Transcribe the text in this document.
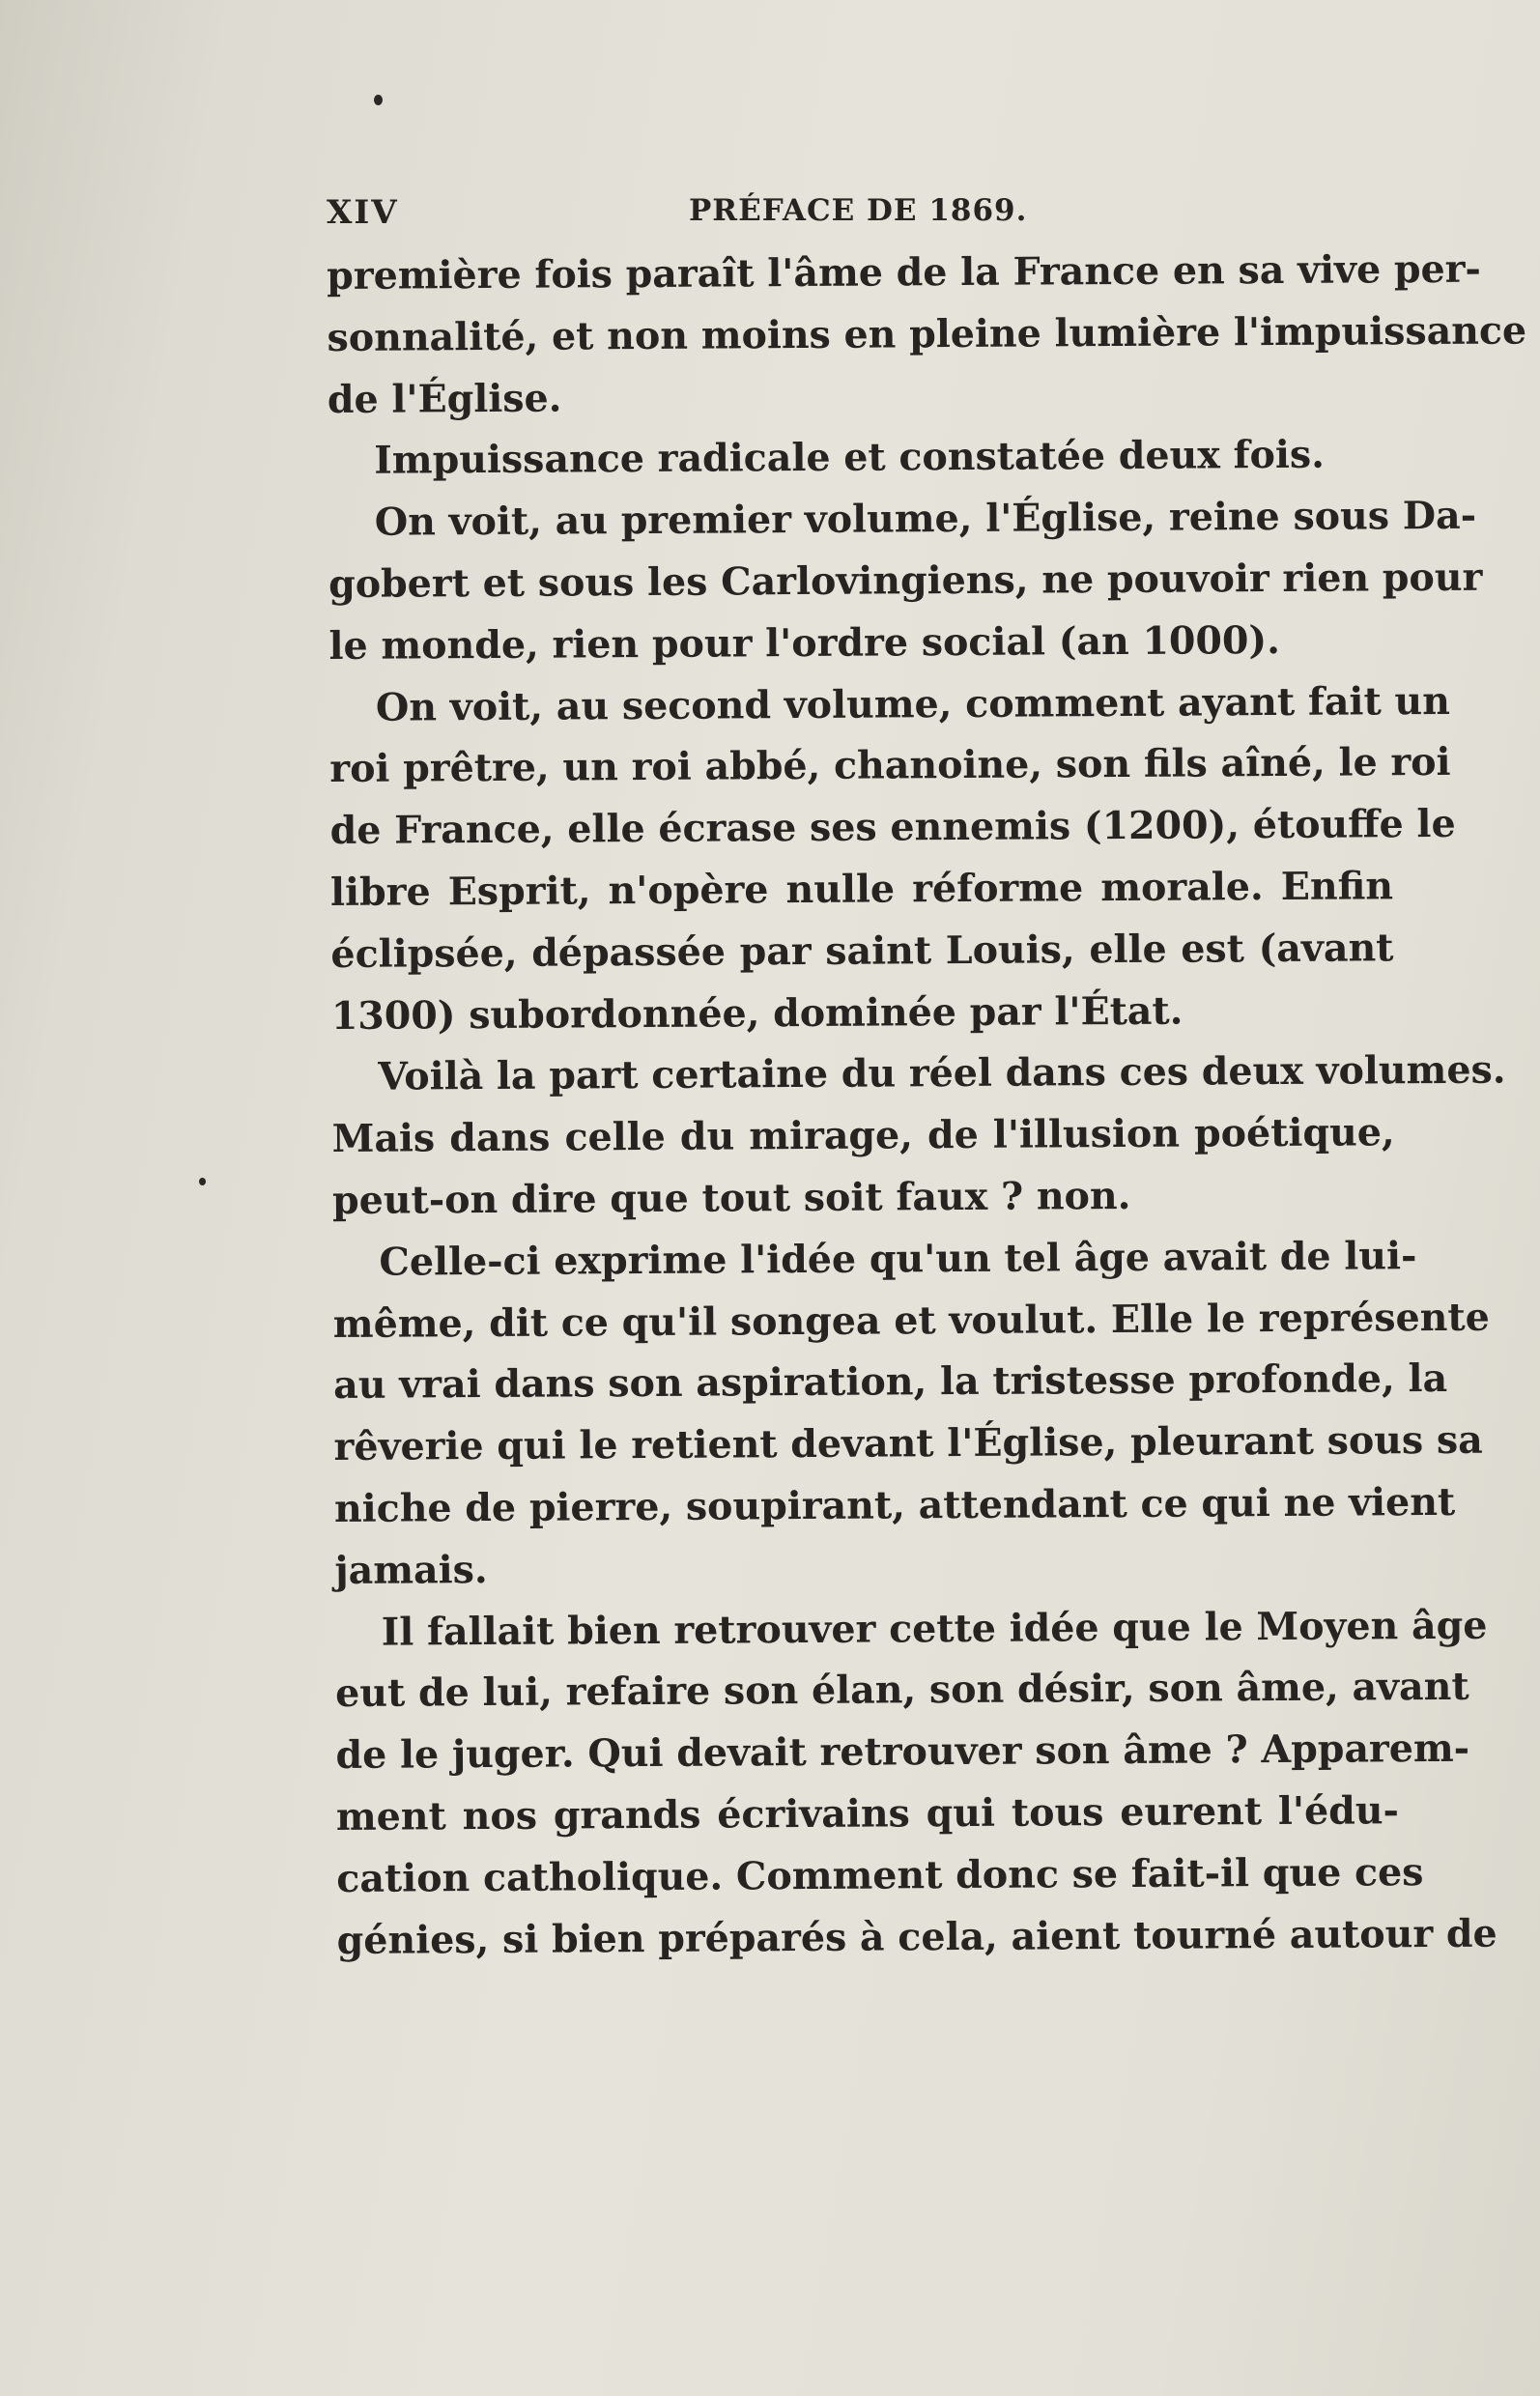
XIV	PRÉFACE DE 1869.
première fois paraît l'âme de la France en sa vive per-
sonnalité, et non moins en pleine lumière l'impuissance
de l'Église.
Impuissance radicale et constatée deux fois.
On voit, au premier volume, l'Église, reine sous Da-
gobert et sous les Carlovingiens, ne pouvoir rien pour
le monde, rien pour l'ordre social (an 1000).
On voit, au second volume, comment ayant fait un
roi prêtre, un roi abbé, chanoine, son fils aîné, le roi
de France, elle écrase ses ennemis (1200), étouffe le
libre Esprit, n'opère nulle réforme morale. Enfin
éclipsée, dépassée par saint Louis, elle est (avant
1300) subordonnée, dominée par l'État.
Voilà la part certaine du réel dans ces deux volumes.
Mais dans celle du mirage, de l'illusion poétique,
peut-on dire que tout soit faux ? non.
Celle-ci exprime l'idée qu'un tel âge avait de lui-
même, dit ce qu'il songea et voulut. Elle le représente
au vrai dans son aspiration, la tristesse profonde, la
rêverie qui le retient devant l'Église, pleurant sous sa
niche de pierre, soupirant, attendant ce qui ne vient
jamais.
Il fallait bien retrouver cette idée que le Moyen âge
eut de lui, refaire son élan, son désir, son âme, avant
de le juger. Qui devait retrouver son âme ? Apparem-
ment nos grands écrivains qui tous eurent l'édu-
cation catholique. Comment donc se fait-il que ces
génies, si bien préparés à cela, aient tourné autour de
